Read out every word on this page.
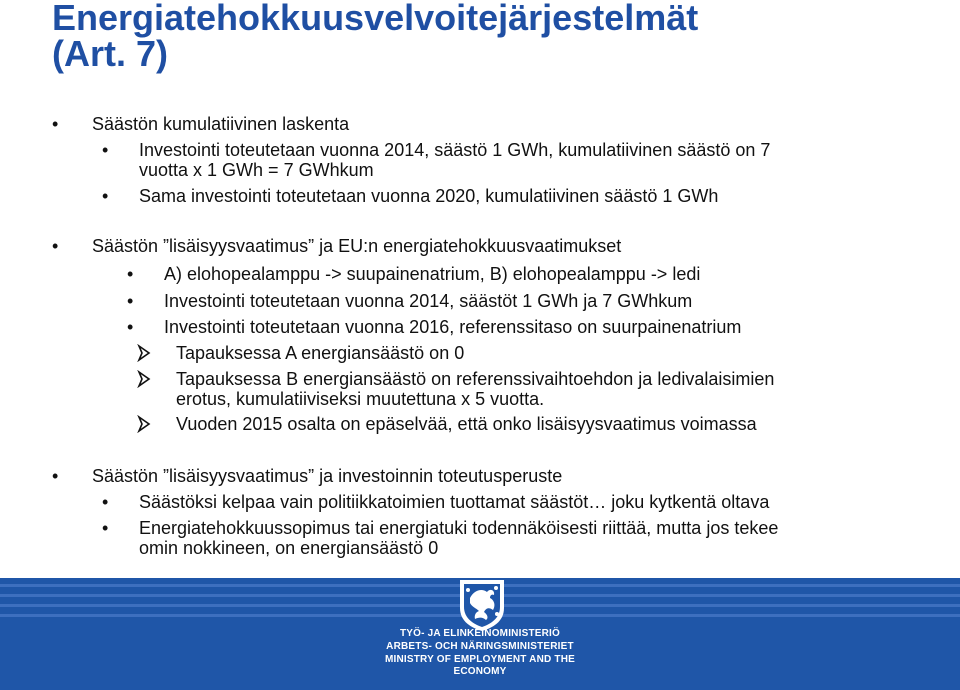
Energiatehokkuusvelvoitejärjestelmät
(Art. 7)
• Säästön kumulatiivinen laskenta
• Investointi toteutetaan vuonna 2014, säästö 1 GWh, kumulatiivinen säästö on 7
vuotta x 1 GWh = 7 GWhkum
• Sama investointi toteutetaan vuonna 2020, kumulatiivinen säästö 1 GWh
• Säästön ”lisäisyysvaatimus” ja EU:n energiatehokkuusvaatimukset
• A) elohopealamppu -> suupainenatrium, B) elohopealamppu -> ledi
• Investointi toteutetaan vuonna 2014, säästöt 1 GWh ja 7 GWhkum
• Investointi toteutetaan vuonna 2016, referenssitaso on suurpainenatrium
Tapauksessa A energiansäästö on 0
Tapauksessa B energiansäästö on referenssivaihtoehdon ja ledivalaisimien
erotus, kumulatiiviseksi muutettuna x 5 vuotta.
Vuoden 2015 osalta on epäselvää, että onko lisäisyysvaatimus voimassa
• Säästön ”lisäisyysvaatimus” ja investoinnin toteutusperuste
• Säästöksi kelpaa vain politiikkatoimien tuottamat säästöt… joku kytkentä oltava
• Energiatehokkuussopimus tai energiatuki todennäköisesti riittää, mutta jos tekee
omin nokkineen, on energiansäästö 0
TYÖ- JA ELINKEINOMINISTERIÖ
ARBETS- OCH NÄRINGSMINISTERIET
MINISTRY OF EMPLOYMENT AND THE ECONOMY
